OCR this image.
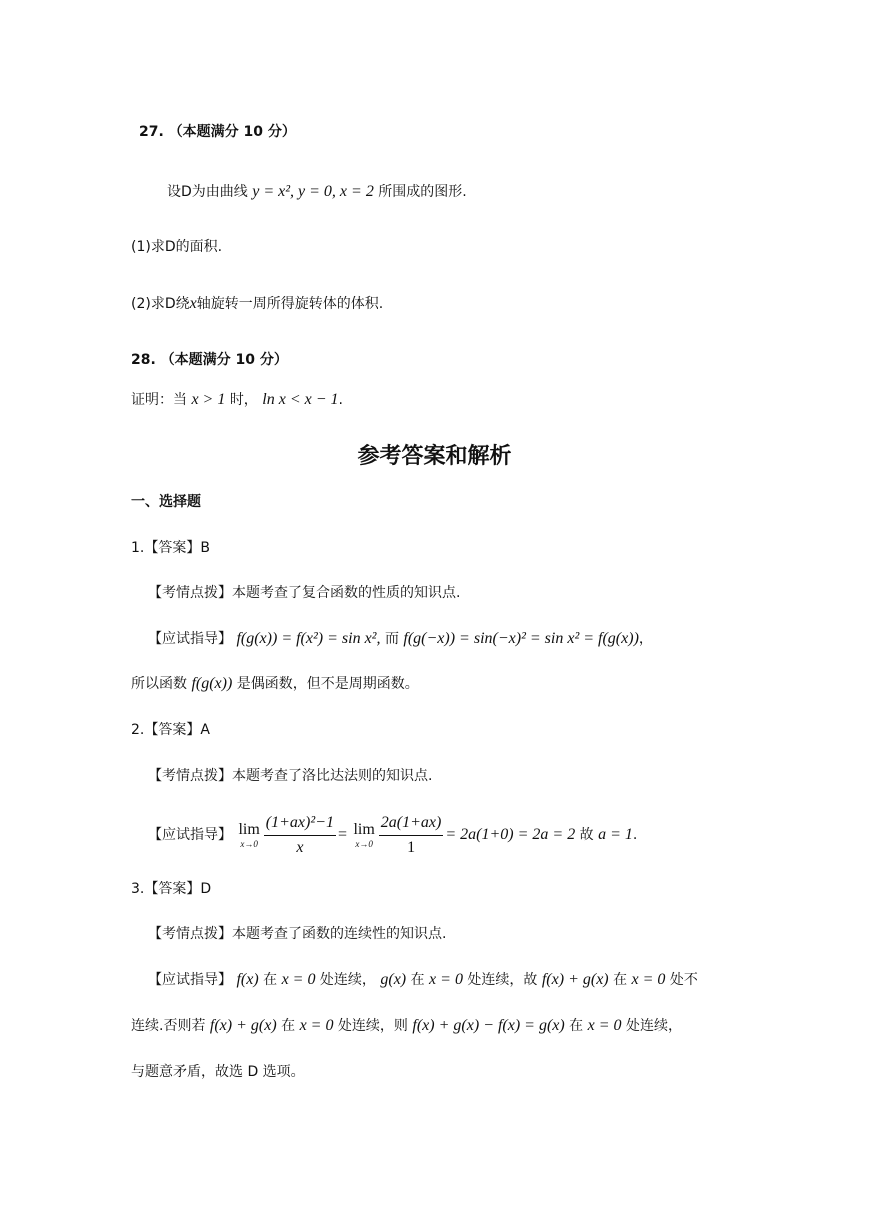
27. （本题满分 10 分）
设D为由曲线 y = x², y = 0, x = 2 所围成的图形.
(1)求D的面积.
(2)求D绕x轴旋转一周所得旋转体的体积.
28. （本题满分 10 分）
证明：当 x > 1 时， ln x < x − 1.
参考答案和解析
一、选择题
1.【答案】B
【考情点拨】本题考查了复合函数的性质的知识点.
【应试指导】 f(g(x)) = f(x²) = sin x², 而 f(g(−x)) = sin(−x)² = sin x² = f(g(x))，
所以函数 f(g(x)) 是偶函数，但不是周期函数。
2.【答案】A
【考情点拨】本题考查了洛比达法则的知识点.
【应试指导】 lim
$x\to 0 \frac{\text{(1+ax)²−1}}{x} = \lim$
$x\to 0 \frac{2a(1+ax)}{1} = 2a(1+0) = 2a = 2$ 故 a = 1.
3.【答案】D
【考情点拨】本题考查了函数的连续性的知识点.
【应试指导】 f(x) 在 x = 0 处连续， g(x) 在 x = 0 处连续，故 f(x) + g(x) 在 x = 0 处不
连续.否则若 f(x) + g(x) 在 x = 0 处连续，则 f(x) + g(x) − f(x) = g(x) 在 x = 0 处连续，
与题意矛盾，故选 D 选项。
